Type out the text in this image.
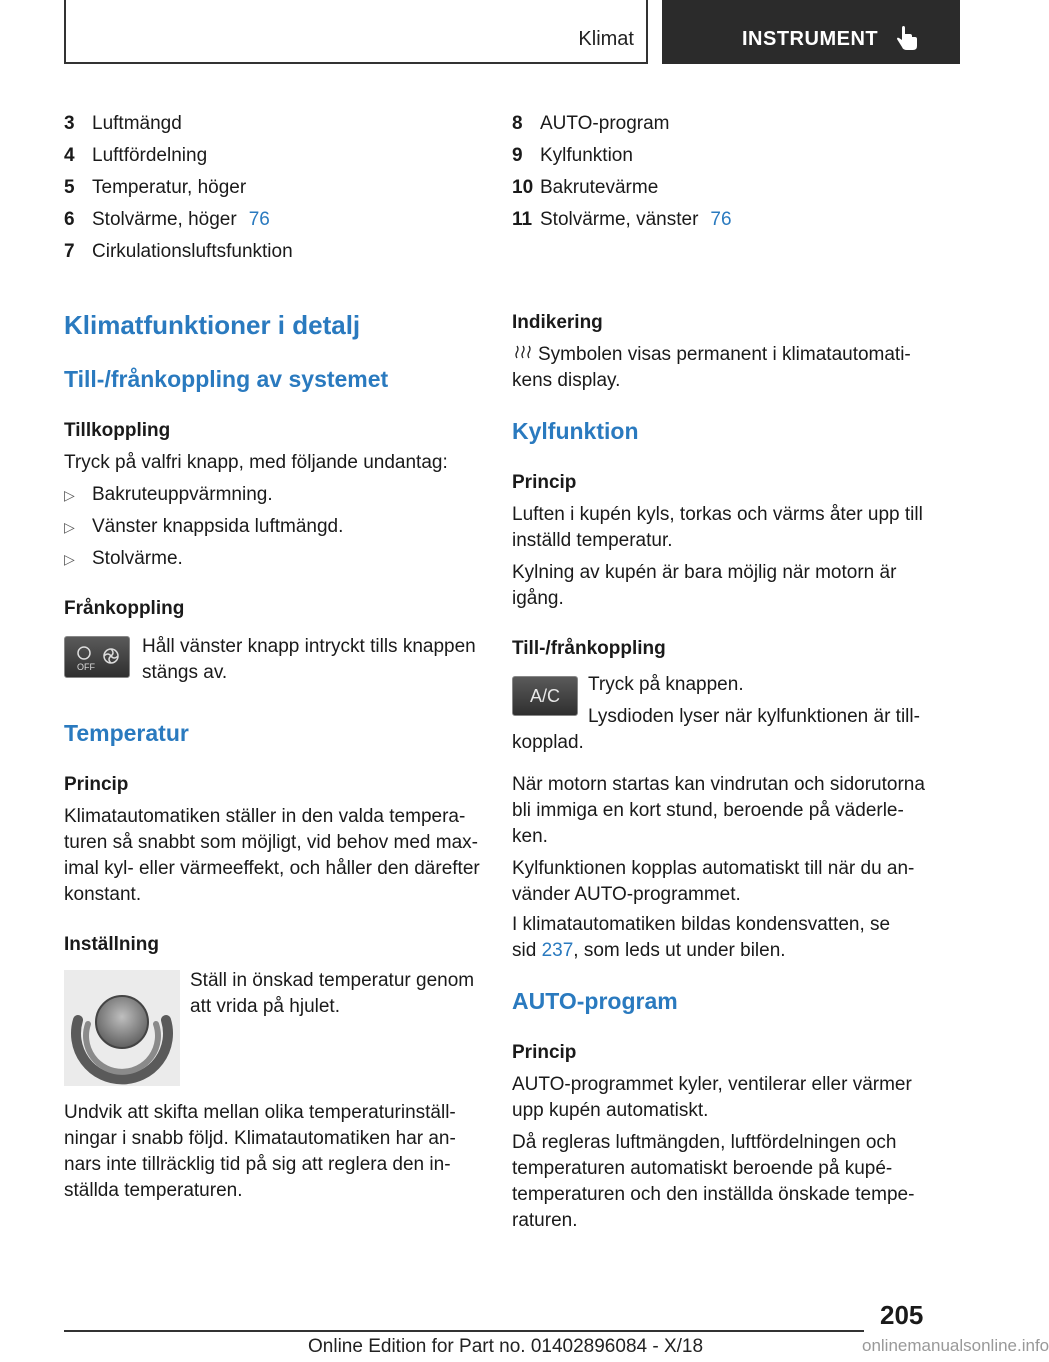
Klimat	INSTRUMENT
3 Luftmängd
4 Luftfördelning
5 Temperatur, höger
6 Stolvärme, höger 76
7 Cirkulationsluftsfunktion
8 AUTO-program
9 Kylfunktion
10 Bakrutevärme
11 Stolvärme, vänster 76
Klimatfunktioner i detalj
Till-/frånkoppling av systemet
Tillkoppling
Tryck på valfri knapp, med följande undantag:
▷ Bakruteuppvärmning.
▷ Vänster knappsida luftmängd.
▷ Stolvärme.
Frånkoppling
OFF
Håll vänster knapp intryckt tills knappen
stängs av.
Temperatur
Princip
Klimatautomatiken ställer in den valda tempera‐
turen så snabbt som möjligt, vid behov med max‐
imal kyl- eller värmeeffekt, och håller den därefter
konstant.
Inställning
Ställ in önskad temperatur genom
att vrida på hjulet.
Undvik att skifta mellan olika temperaturinställ‐
ningar i snabb följd. Klimatautomatiken har an‐
nars inte tillräcklig tid på sig att reglera den in‐
ställda temperaturen.
Indikering
Symbolen visas permanent i klimatautomati‐
kens display.
Kylfunktion
Princip
Luften i kupén kyls, torkas och värms åter upp till
inställd temperatur.
Kylning av kupén är bara möjlig när motorn är
igång.
Till-/frånkoppling
A/C
Tryck på knappen.
Lysdioden lyser när kylfunktionen är till‐
kopplad.
När motorn startas kan vindrutan och sidorutorna
bli immiga en kort stund, beroende på väderle‐
ken.
Kylfunktionen kopplas automatiskt till när du an‐
vänder AUTO-programmet.
I klimatautomatiken bildas kondensvatten, se
sid 237, som leds ut under bilen.
AUTO-program
Princip
AUTO-programmet kyler, ventilerar eller värmer
upp kupén automatiskt.
Då regleras luftmängden, luftfördelningen och
temperaturen automatiskt beroende på kupé‐
temperaturen och den inställda önskade tempe‐
raturen.
205
Online Edition for Part no. 01402896084 - X/18	onlinemanualsonline.info
